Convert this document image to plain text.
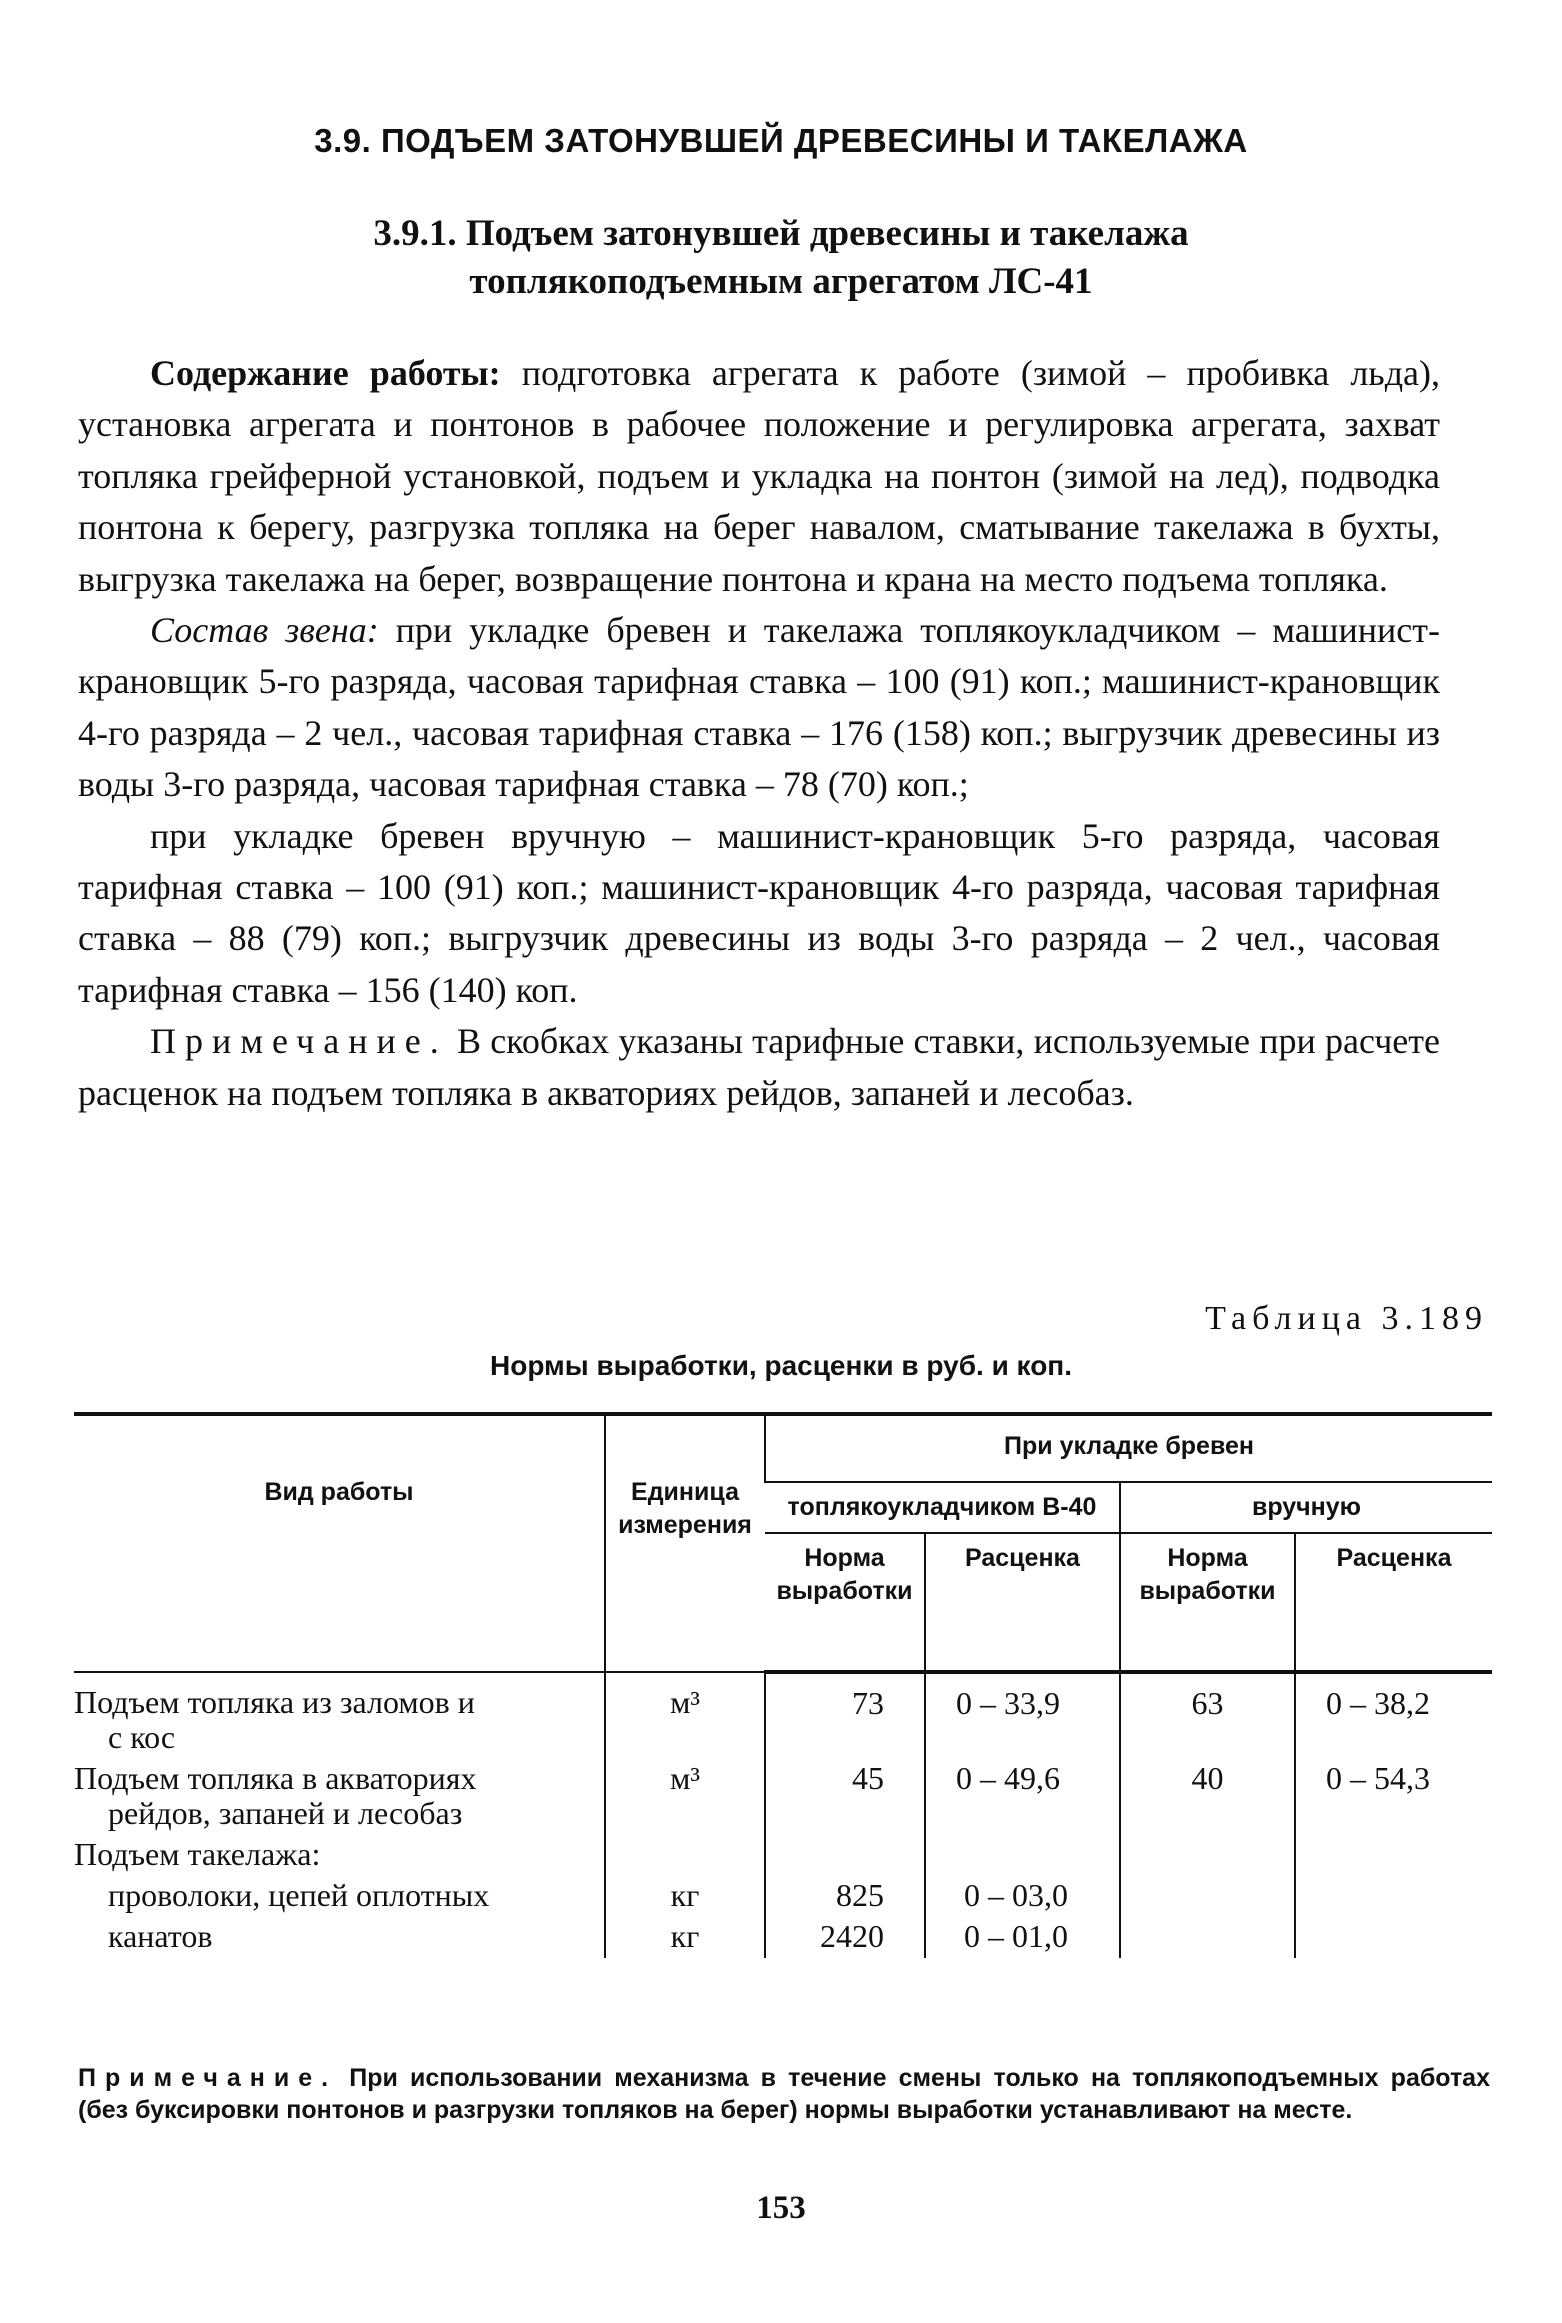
3.9. ПОДЪЕМ ЗАТОНУВШЕЙ ДРЕВЕСИНЫ И ТАКЕЛАЖА
3.9.1. Подъем затонувшей древесины и такелажа
топлякоподъемным агрегатом ЛС-41

Содержание работы: подготовка агрегата к работе (зимой – пробивка льда), установка агрегата и понтонов в рабочее положение и регулировка агрегата, захват топляка грейферной установкой, подъем и укладка на понтон (зимой на лед), подводка понтона к берегу, разгрузка топляка на берег навалом, сматывание такелажа в бухты, выгрузка такелажа на берег, возвращение понтона и крана на место подъема топляка.

Состав звена: при укладке бревен и такелажа топлякоукладчиком – машинист-крановщик 5-го разряда, часовая тарифная ставка – 100 (91) коп.; машинист-крановщик 4-го разряда – 2 чел., часовая тарифная ставка – 176 (158) коп.; выгрузчик древесины из воды 3-го разряда, часовая тарифная ставка – 78 (70) коп.;

при укладке бревен вручную – машинист-крановщик 5-го разряда, часовая тарифная ставка – 100 (91) коп.; машинист-крановщик 4-го разряда, часовая тарифная ставка – 88 (79) коп.; выгрузчик древесины из воды 3-го разряда – 2 чел., часовая тарифная ставка – 156 (140) коп.

Примечание. В скобках указаны тарифные ставки, используемые при расчете расценок на подъем топляка в акваториях рейдов, запаней и лесобаз.

Таблица 3.189
Нормы выработки, расценки в руб. и коп.
Вид работы	Единица измерения	При укладке бревен			
		топлякоукладчиком В-40		вручную	
		Норма выработки	Расценка	Норма выработки	Расценка
Подъем топляка из заломов и
с кос	м³	73	0 – 33,9	63	0 – 38,2
Подъем топляка в акваториях
рейдов, запаней и лесобаз	м³	45	0 – 49,6	40	0 – 54,3
Подъем такелажа:					

проволоки, цепей оплотных	кг	825	0 – 03,0		

канатов	кг	2420	0 – 01,0		
Примечание. При использовании механизма в течение смены только на топлякоподъемных работах (без буксировки понтонов и разгрузки топляков на берег) нормы выработки устанавливают на месте.
153
